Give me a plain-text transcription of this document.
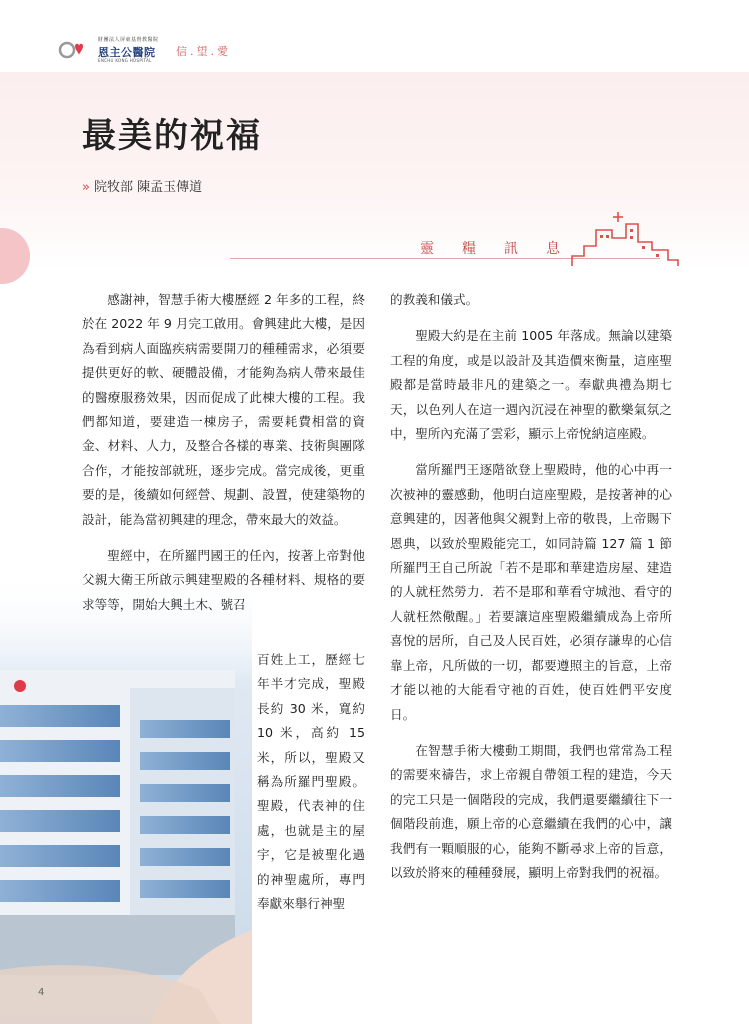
財團法人屏東基督教醫院
恩主公醫院
ENCHU KONG HOSPITAL
信.望.愛
最美的祝福
» 院牧部 陳孟玉傳道
靈 糧 訊 息

感謝神，智慧手術大樓歷經 2 年多的工程，終於在 2022 年 9 月完工啟用。會興建此大樓，是因為看到病人面臨疾病需要開刀的種種需求，必須要提供更好的軟、硬體設備，才能夠為病人帶來最佳的醫療服務效果，因而促成了此棟大樓的工程。我們都知道，要建造一棟房子，需要耗費相當的資金、材料、人力，及整合各樣的專業、技術與團隊合作，才能按部就班，逐步完成。當完成後，更重要的是，後續如何經營、規劃、設置，使建築物的設計，能為當初興建的理念，帶來最大的效益。

聖經中，在所羅門國王的任內，按著上帝對他父親大衛王所啟示興建聖殿的各種材料、規格的要求等等，開始大興土木、號召

百姓上工，歷經七年半才完成，聖殿長約 30 米，寬約 10 米，高約 15 米，所以，聖殿又稱為所羅門聖殿。聖殿，代表神的住處，也就是主的屋宇，它是被聖化過的神聖處所，專門奉獻來舉行神聖

的教義和儀式。

聖殿大約是在主前 1005 年落成。無論以建築工程的角度，或是以設計及其造價來衡量，這座聖殿都是當時最非凡的建築之一。奉獻典禮為期七天，以色列人在這一週內沉浸在神聖的歡樂氣氛之中，聖所內充滿了雲彩，顯示上帝悅納這座殿。

當所羅門王逐階欲登上聖殿時，他的心中再一次被神的靈感動，他明白這座聖殿，是按著神的心意興建的，因著他與父親對上帝的敬畏，上帝賜下恩典，以致於聖殿能完工，如同詩篇 127 篇 1 節所羅門王自己所說「若不是耶和華建造房屋、建造的人就枉然勞力．若不是耶和華看守城池、看守的人就枉然儆醒。」若要讓這座聖殿繼續成為上帝所喜悅的居所，自己及人民百姓，必須存謙卑的心信靠上帝，凡所做的一切，都要遵照主的旨意，上帝才能以祂的大能看守祂的百姓，使百姓們平安度日。

在智慧手術大樓動工期間，我們也常常為工程的需要來禱告，求上帝親自帶領工程的建造，今天的完工只是一個階段的完成，我們還要繼續往下一個階段前進，願上帝的心意繼續在我們的心中，讓我們有一顆順服的心，能夠不斷尋求上帝的旨意，以致於將來的種種發展，顯明上帝對我們的祝福。

4
